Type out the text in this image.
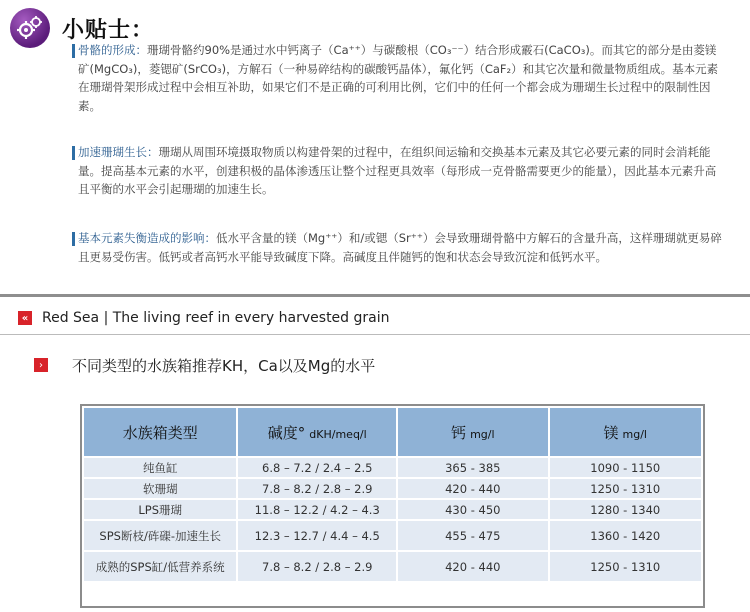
小贴士：
骨骼的形成：珊瑚骨骼约90%是通过水中钙离子（Ca⁺⁺）与碳酸根（CO₃⁻⁻）结合形成霰石(CaCO₃)。而其它的部分是由菱镁矿(MgCO₃)，菱锶矿(SrCO₃)，方解石（一种易碎结构的碳酸钙晶体），氟化钙（CaF₂）和其它次量和微量物质组成。基本元素在珊瑚骨架形成过程中会相互补助，如果它们不是正确的可利用比例，它们中的任何一个都会成为珊瑚生长过程中的限制性因素。
加速珊瑚生长：珊瑚从周围环境摄取物质以构建骨架的过程中，在组织间运输和交换基本元素及其它必要元素的同时会消耗能量。提高基本元素的水平，创建积极的晶体渗透压让整个过程更具效率（每形成一克骨骼需要更少的能量），因此基本元素升高且平衡的水平会引起珊瑚的加速生长。
基本元素失衡造成的影响：低水平含量的镁（Mg⁺⁺）和/或锶（Sr⁺⁺）会导致珊瑚骨骼中方解石的含量升高，这样珊瑚就更易碎且更易受伤害。低钙或者高钙水平能导致碱度下降。高碱度且伴随钙的饱和状态会导致沉淀和低钙水平。
« Red Sea | The living reef in every harvested grain
›	不同类型的水族箱推荐KH，Ca以及Mg的水平
水族箱类型	碱度° dKH/meq/l	钙 mg/l	镁 mg/l
纯鱼缸	6.8 – 7.2 / 2.4 – 2.5	365 - 385	1090 - 1150
软珊瑚	7.8 – 8.2 / 2.8 – 2.9	420 - 440	1250 - 1310
LPS珊瑚	11.8 – 12.2 / 4.2 – 4.3	430 - 450	1280 - 1340
SPS断枝/砗磲-加速生长	12.3 – 12.7 / 4.4 – 4.5	455 - 475	1360 - 1420
成熟的SPS缸/低营养系统	7.8 – 8.2 / 2.8 – 2.9	420 - 440	1250 - 1310
